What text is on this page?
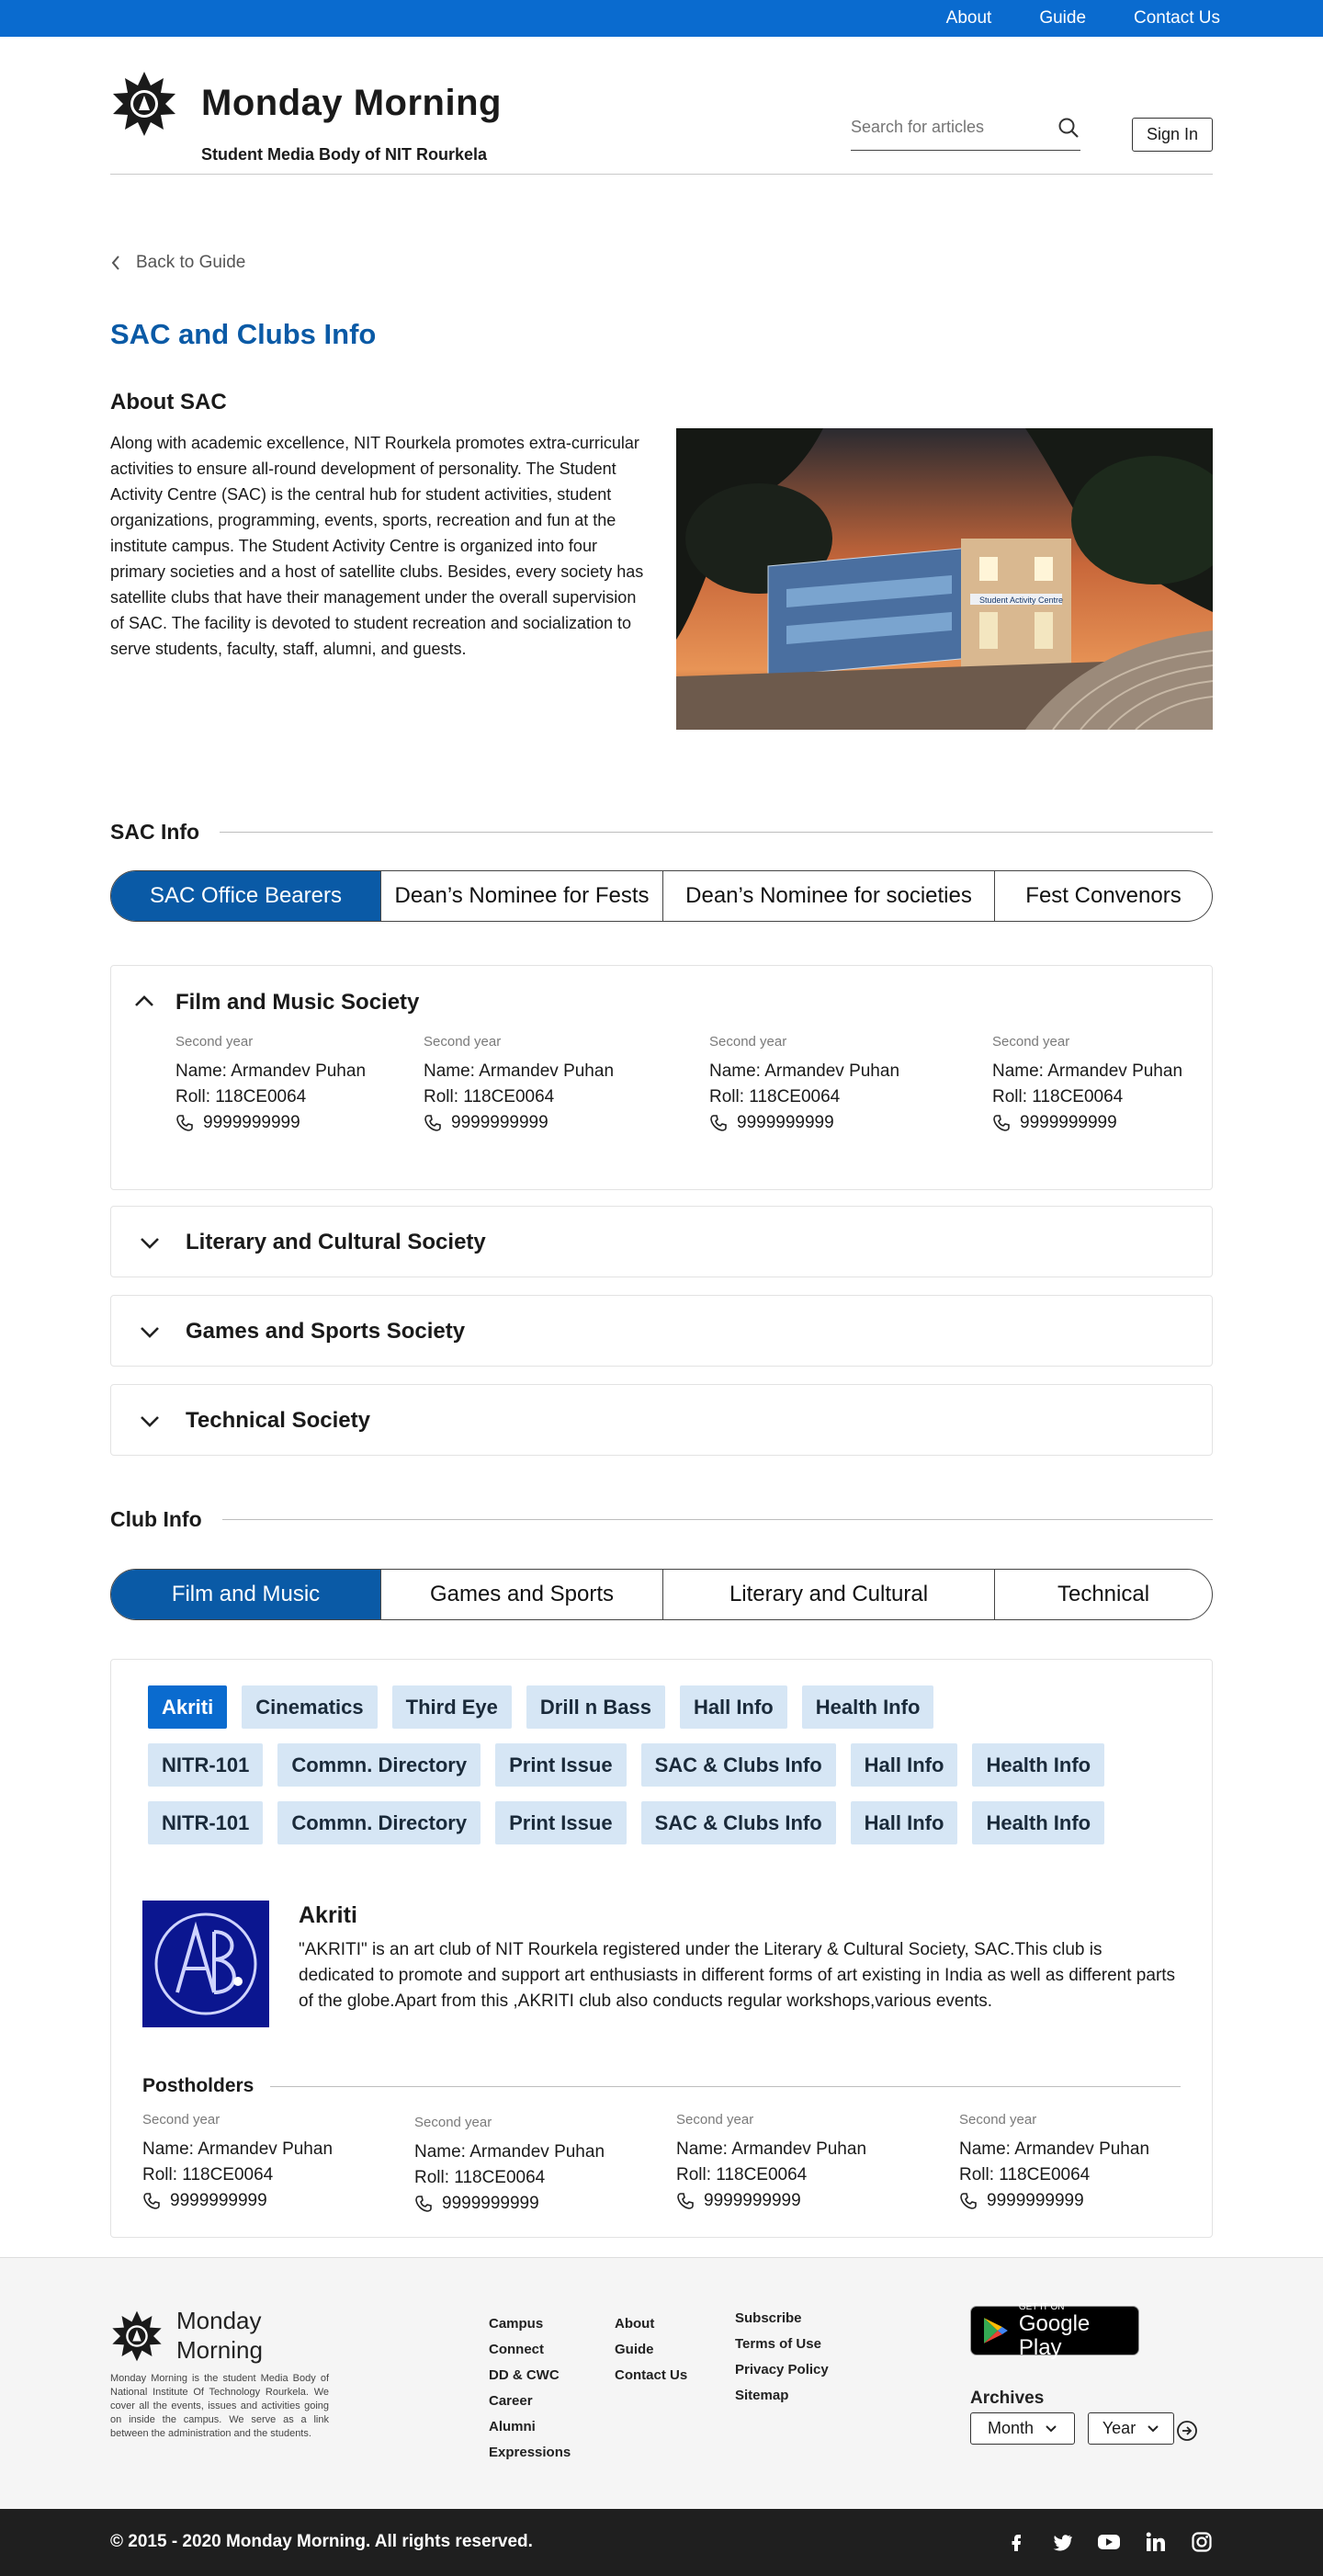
About	Guide	Contact Us
Monday Morning
Student Media Body of NIT Rourkela
Search for articles
Sign In
Back to Guide
SAC and Clubs Info
About SAC

Along with academic excellence, NIT Rourkela promotes extra-curricular activities to ensure all-round development of personality. The Student Activity Centre (SAC) is the central hub for student activities, student organizations, programming, events, sports, recreation and fun at the institute campus. The Student Activity Centre is organized into four primary societies and a host of satellite clubs. Besides, every society has satellite clubs that have their management under the overall supervision of SAC. The facility is devoted to student recreation and socialization to serve students, faculty, staff, alumni, and guests.

Student Activity Centre
SAC Info
SAC Office Bearers	Dean’s Nominee for Fests	Dean’s Nominee for societies	Fest Convenors
Film and Music Society
Second year
Name: Armandev Puhan
Roll: 118CE0064
9999999999
Second year
Name: Armandev Puhan
Roll: 118CE0064
9999999999
Second year
Name: Armandev Puhan
Roll: 118CE0064
9999999999
Second year
Name: Armandev Puhan
Roll: 118CE0064
9999999999
Literary and Cultural Society
Games and Sports Society
Technical Society
Club Info
Film and Music	Games and Sports	Literary and Cultural	Technical
Akriti	Cinematics	Third Eye	Drill n Bass	Hall Info	Health Info
NITR-101	Commn. Directory	Print Issue	SAC & Clubs Info	Hall Info	Health Info
NITR-101	Commn. Directory	Print Issue	SAC & Clubs Info	Hall Info	Health Info
Akriti

"AKRITI" is an art club of NIT Rourkela registered under the Literary & Cultural Society, SAC.This club is dedicated to promote and support art enthusiasts in different forms of art existing in India as well as different parts of the globe.Apart from this ,AKRITI club also conducts regular workshops,various events.

Postholders
Second year
Name: Armandev Puhan
Roll: 118CE0064
9999999999
Second year
Name: Armandev Puhan
Roll: 118CE0064
9999999999
Second year
Name: Armandev Puhan
Roll: 118CE0064
9999999999
Second year
Name: Armandev Puhan
Roll: 118CE0064
9999999999
Monday
Morning

Monday Morning is the student Media Body of National Institute Of Technology Rourkela. We cover all the events, issues and activities going on inside the campus. We serve as a link between the administration and the students.

Campus
Connect
DD & CWC
Career
Alumni
Expressions
About
Guide
Contact Us
Subscribe
Terms of Use
Privacy Policy
Sitemap
GET IT ON
Google Play
Archives
Month	Year
© 2015 - 2020 Monday Morning. All rights reserved.
